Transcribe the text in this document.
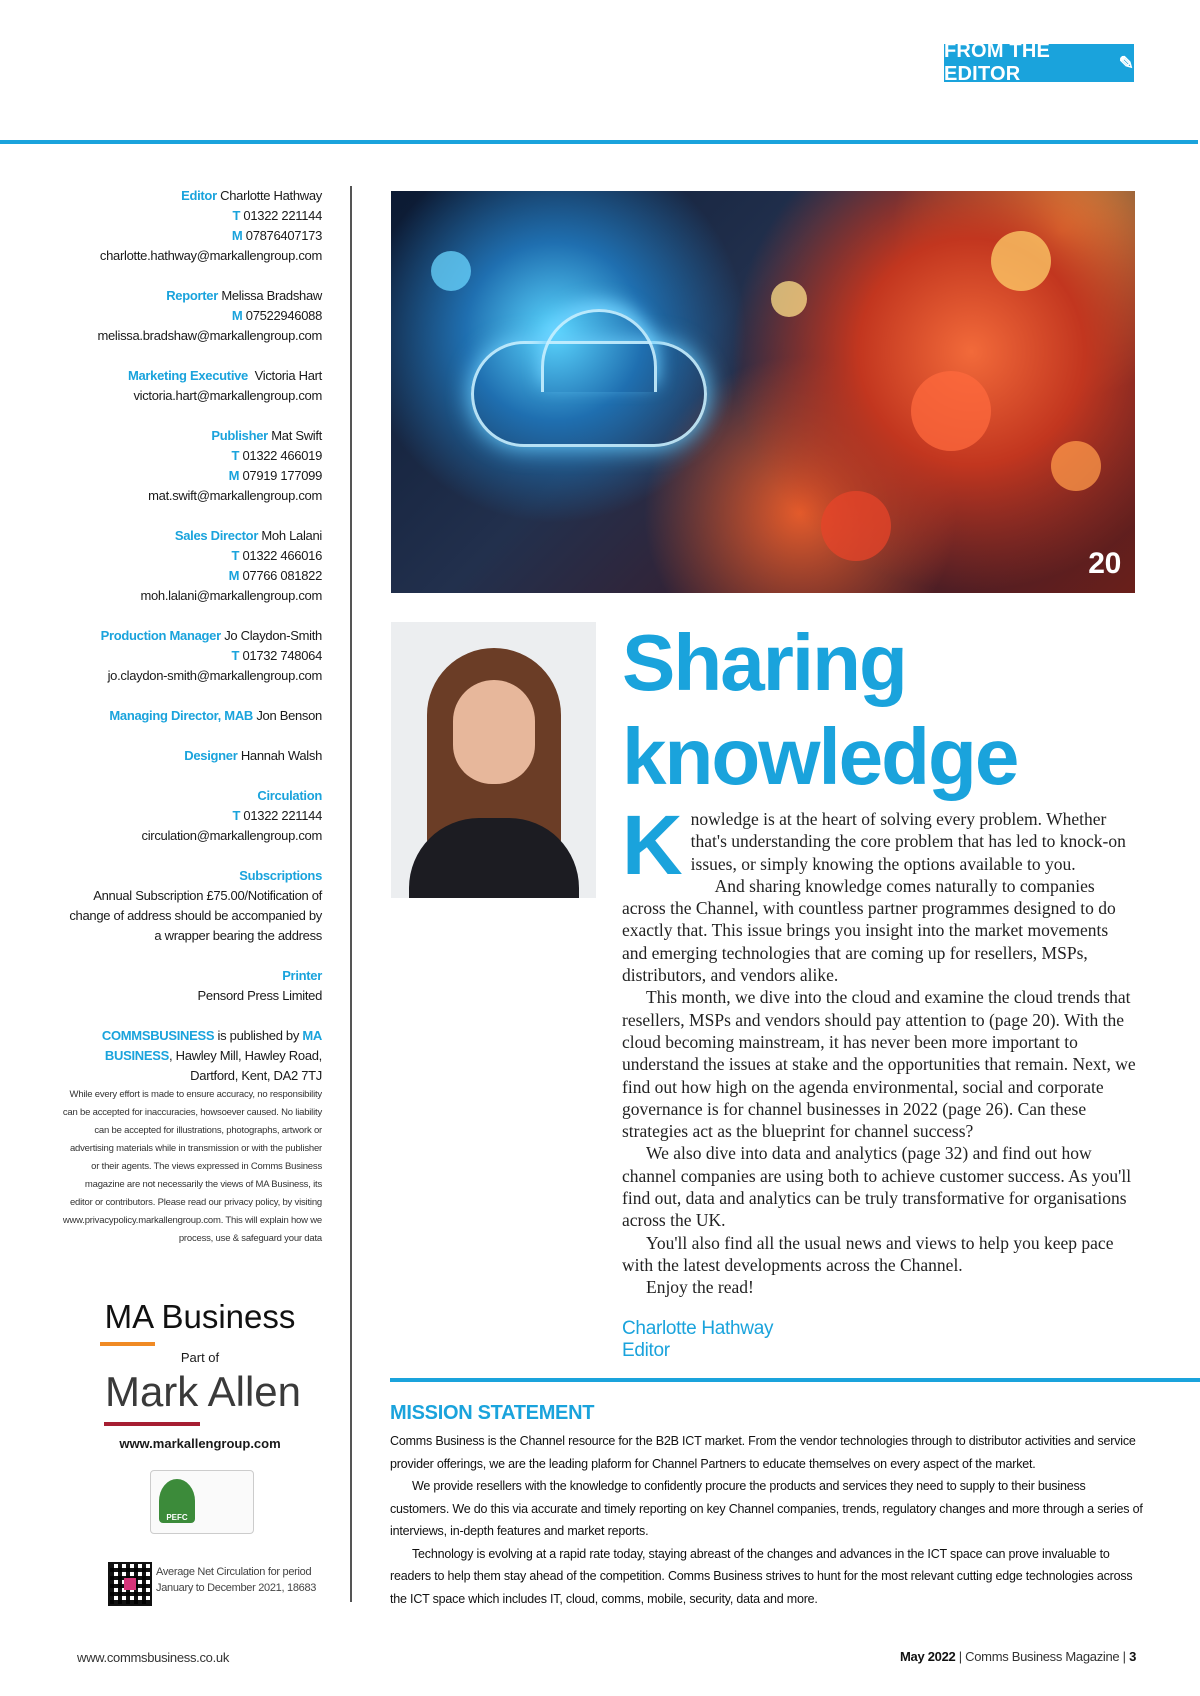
FROM THE EDITOR
✎
Editor Charlotte Hathway
T 01322 221144
M 07876407173
charlotte.hathway@markallengroup.com
Reporter Melissa Bradshaw
M 07522946088
melissa.bradshaw@markallengroup.com
Marketing Executive Victoria Hart
victoria.hart@markallengroup.com
Publisher Mat Swift
T 01322 466019
M 07919 177099
mat.swift@markallengroup.com
Sales Director Moh Lalani
T 01322 466016
M 07766 081822
moh.lalani@markallengroup.com
Production Manager Jo Claydon-Smith
T 01732 748064
jo.claydon-smith@markallengroup.com
Managing Director, MAB Jon Benson
Designer Hannah Walsh
Circulation
T 01322 221144
circulation@markallengroup.com
Subscriptions
Annual Subscription £75.00/Notification of change of address should be accompanied by a wrapper bearing the address
Printer
Pensord Press Limited
COMMSBUSINESS is published by MA BUSINESS, Hawley Mill, Hawley Road, Dartford, Kent, DA2 7TJ
While every effort is made to ensure accuracy, no responsibility can be accepted for inaccuracies, howsoever caused. No liability can be accepted for illustrations, photographs, artwork or advertising materials while in transmission or with the publisher or their agents. The views expressed in Comms Business magazine are not necessarily the views of MA Business, its editor or contributors. Please read our privacy policy, by visiting www.privacypolicy.markallengroup.com. This will explain how we process, use & safeguard your data
MA Business
Part of
Mark Allen
www.markallengroup.com
PEFC
Average Net Circulation for period January to December 2021, 18683
20
Sharing
knowledge

Knowledge is at the heart of solving every problem. Whether that's understanding the core problem that has led to knock-on issues, or simply knowing the options available to you.

And sharing knowledge comes naturally to companies across the Channel, with countless partner programmes designed to do exactly that. This issue brings you insight into the market movements and emerging technologies that are coming up for resellers, MSPs, distributors, and vendors alike.

This month, we dive into the cloud and examine the cloud trends that resellers, MSPs and vendors should pay attention to (page 20). With the cloud becoming mainstream, it has never been more important to understand the issues at stake and the opportunities that remain. Next, we find out how high on the agenda environmental, social and corporate governance is for channel businesses in 2022 (page 26). Can these strategies act as the blueprint for channel success?

We also dive into data and analytics (page 32) and find out how channel companies are using both to achieve customer success. As you'll find out, data and analytics can be truly transformative for organisations across the UK.

You'll also find all the usual news and views to help you keep pace with the latest developments across the Channel.

Enjoy the read!

Charlotte Hathway
Editor
MISSION STATEMENT

Comms Business is the Channel resource for the B2B ICT market. From the vendor technologies through to distributor activities and service provider offerings, we are the leading plaform for Channel Partners to educate themselves on every aspect of the market.

We provide resellers with the knowledge to confidently procure the products and services they need to supply to their business customers. We do this via accurate and timely reporting on key Channel companies, trends, regulatory changes and more through a series of interviews, in-depth features and market reports.

Technology is evolving at a rapid rate today, staying abreast of the changes and advances in the ICT space can prove invaluable to readers to help them stay ahead of the competition. Comms Business strives to hunt for the most relevant cutting edge technologies across the ICT space which includes IT, cloud, comms, mobile, security, data and more.

www.commsbusiness.co.uk	May 2022 | Comms Business Magazine | 3
